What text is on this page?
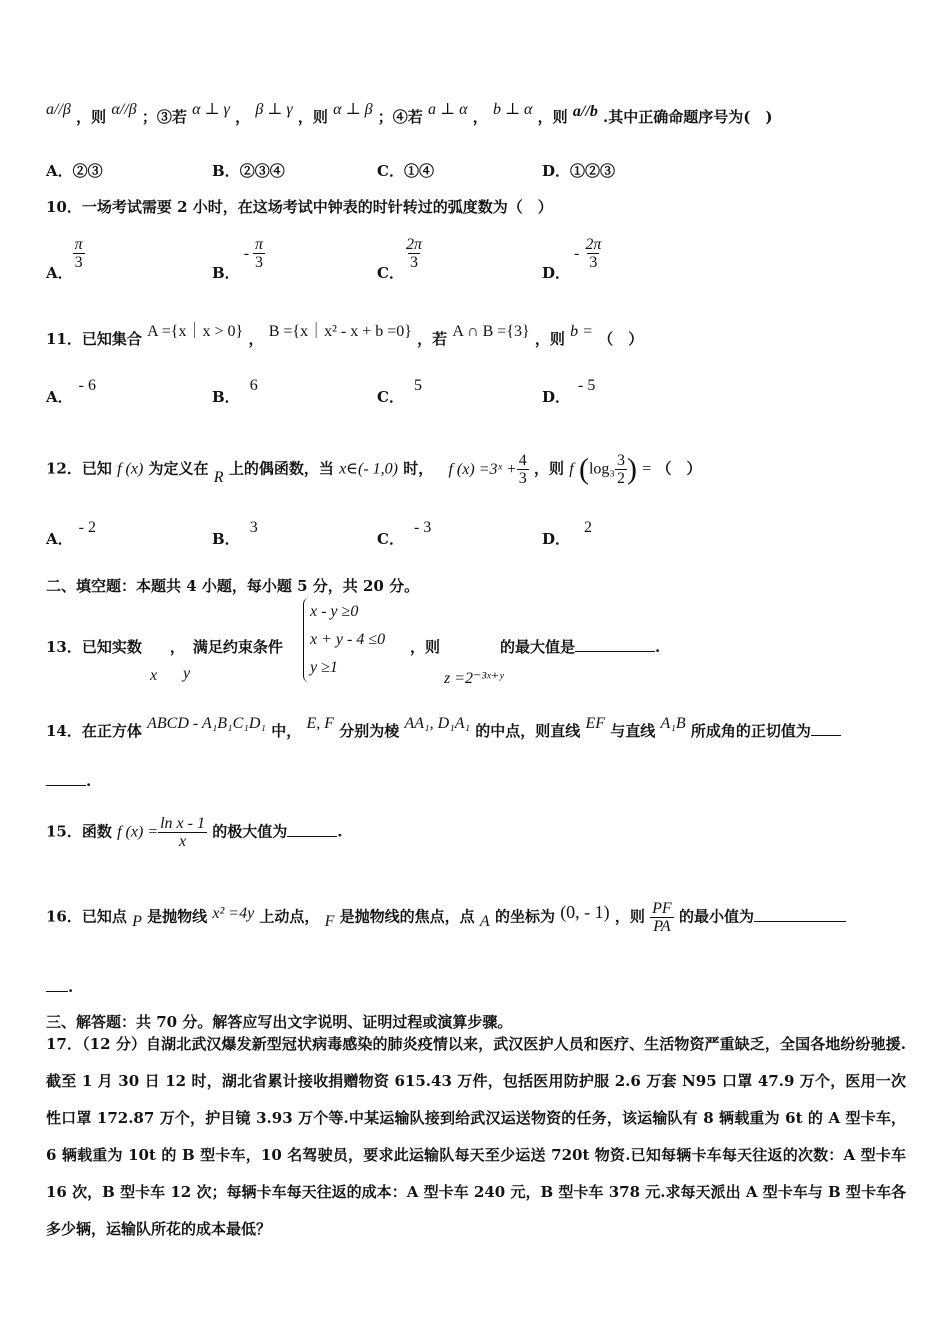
a//β ，则 α//β ；③若 α ⊥ γ ， β ⊥ γ ，则 α ⊥ β ；④若 a ⊥ α ， b ⊥ α ，则 a//b .其中正确命题序号为(　)
A．②③	B．②③④	C．①④	D．①②③
10．一场考试需要 2 小时，在这场考试中钟表的时针转过的弧度数为（　）
A．
$\frac{\pi}{3}$
B．- $\frac{\pi}{3}$
C．
$\frac{2\pi}{3}$
D．- $\frac{2\pi}{3}$
11．已知集合 A ={x｜x > 0} ， B ={x｜x² - x + b =0} ，若 A ∩ B ={3} ，则 b = （　）
A．- 6
B．6
C．5
D．- 5
12．已知 f (x) 为定义在 R 上的偶函数，当 x∈(- 1,0) 时， f (x) =3ˣ + $\frac{4}{3}$ ，则 f ($\log_3 \frac{3}{2}$ ) = （　）
A．- 2
B．3
C．- 3
D．2
二、填空题：本题共 4 小题，每小题 5 分，共 20 分。
13．已知实数 ， 满足约束条件
x y
x - y ≥0
x + y - 4 ≤0
y ≥1
，则	的最大值是	.
z =2⁻³ˣ⁺ʸ
14．在正方体 ABCD - A₁B₁C₁D₁ 中， E, F 分别为棱 AA₁, D₁A₁ 的中点，则直线 EF 与直线 A₁B 所成角的正切值为
.
15．函数 f $(x) = \frac{\text{ln x - 1}}{x}$ 的极大值为	.
16．已知点 P 是抛物线 x² =4y 上动点， F 是抛物线的焦点，点 A 的坐标为 (0, - 1) ，则 $\frac{PF}{PA}$ 的最小值为
.
三、解答题：共 70 分。解答应写出文字说明、证明过程或演算步骤。
17．（12 分）自湖北武汉爆发新型冠状病毒感染的肺炎疫情以来，武汉医护人员和医疗、生活物资严重缺乏，全国各地纷纷驰援.截至 1 月 30 日 12 时，湖北省累计接收捐赠物资 615.43 万件，包括医用防护服 2.6 万套 N95 口罩 47.9 万个，医用一次性口罩 172.87 万个，护目镜 3.93 万个等.中某运输队接到给武汉运送物资的任务，该运输队有 8 辆载重为 6t 的 A 型卡车，6 辆载重为 10t 的 B 型卡车，10 名驾驶员，要求此运输队每天至少运送 720t 物资.已知每辆卡车每天往返的次数：A 型卡车 16 次，B 型卡车 12 次；每辆卡车每天往返的成本：A 型卡车 240 元，B 型卡车 378 元.求每天派出 A 型卡车与 B 型卡车各多少辆，运输队所花的成本最低？
